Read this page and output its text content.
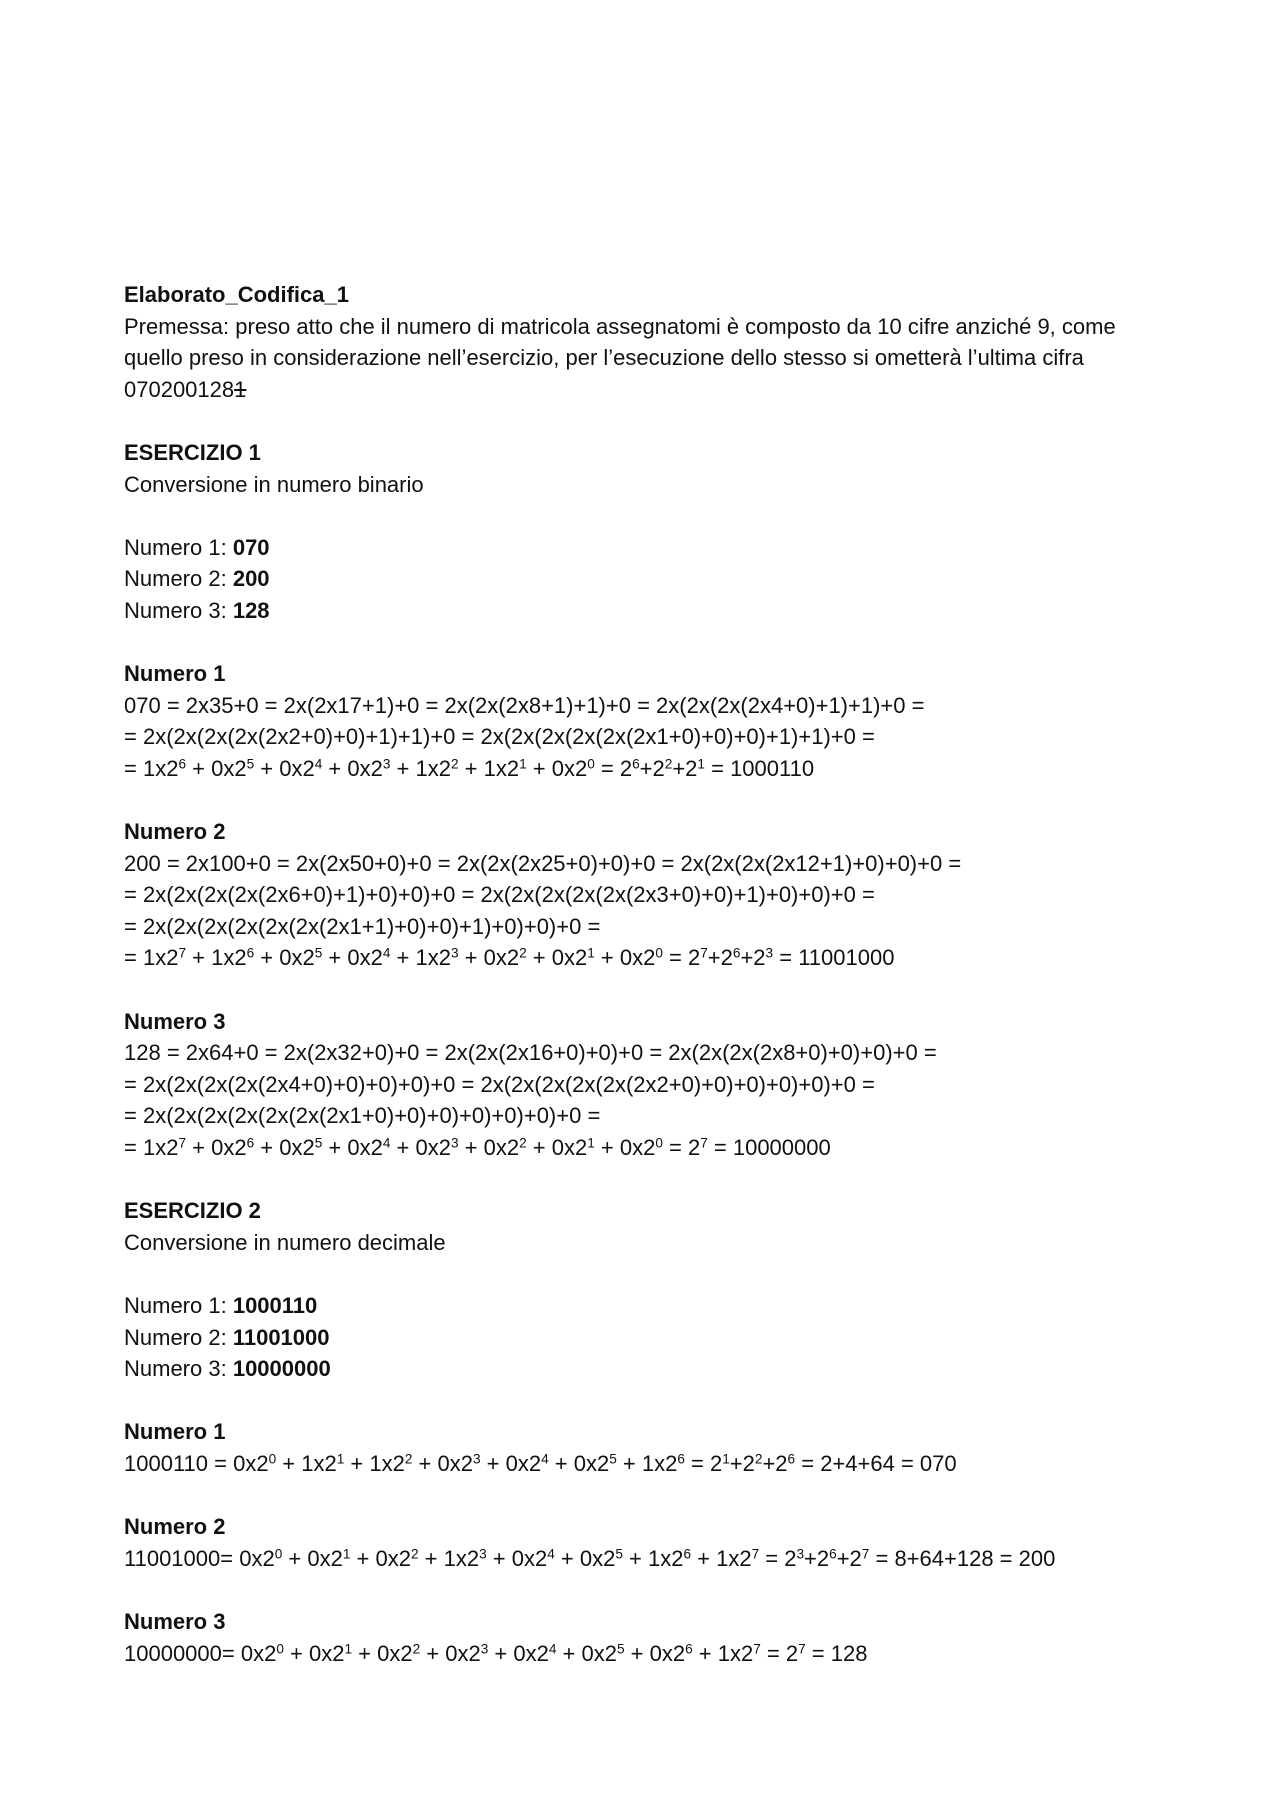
Elaborato_Codifica_1

Premessa: preso atto che il numero di matricola assegnatomi è composto da 10 cifre anziché 9, come quello preso in considerazione nell’esercizio, per l’esecuzione dello stesso si ometterà l’ultima cifra 0702001281

ESERCIZIO 1

Conversione in numero binario

Numero 1: 070

Numero 2: 200

Numero 3: 128

Numero 1

070 = 2x35+0 = 2x(2x17+1)+0 = 2x(2x(2x8+1)+1)+0 = 2x(2x(2x(2x4+0)+1)+1)+0 =

= 2x(2x(2x(2x(2x2+0)+0)+1)+1)+0 = 2x(2x(2x(2x(2x(2x1+0)+0)+0)+1)+1)+0 =

= $1x2^6 + 0x2^5 + 0x2^4 + 0x2^3 + 1x2^2 + 1x2^1 + 0x2^0 = 2^6+2^2+2^1 = 1000110$

Numero 2

200 = 2x100+0 = 2x(2x50+0)+0 = 2x(2x(2x25+0)+0)+0 = 2x(2x(2x(2x12+1)+0)+0)+0 =

= 2x(2x(2x(2x(2x6+0)+1)+0)+0)+0 = 2x(2x(2x(2x(2x(2x3+0)+0)+1)+0)+0)+0 =

= 2x(2x(2x(2x(2x(2x(2x1+1)+0)+0)+1)+0)+0)+0 =

= $1x2^7 + 1x2^6 + 0x2^5 + 0x2^4 + 1x2^3 + 0x2^2 + 0x2^1 + 0x2^0 = 2^7+2^6+2^3 = 11001000$

Numero 3

128 = 2x64+0 = 2x(2x32+0)+0 = 2x(2x(2x16+0)+0)+0 = 2x(2x(2x(2x8+0)+0)+0)+0 =

= 2x(2x(2x(2x(2x4+0)+0)+0)+0)+0 = 2x(2x(2x(2x(2x(2x2+0)+0)+0)+0)+0)+0 =

= 2x(2x(2x(2x(2x(2x(2x1+0)+0)+0)+0)+0)+0)+0 =

= $1x2^7 + 0x2^6 + 0x2^5 + 0x2^4 + 0x2^3 + 0x2^2 + 0x2^1 + 0x2^0 = 2^7 = 10000000$

ESERCIZIO 2

Conversione in numero decimale

Numero 1: 1000110

Numero 2: 11001000

Numero 3: 10000000

Numero 1

$1000110 = 0x2^0 + 1x2^1 + 1x2^2 + 0x2^3 + 0x2^4 + 0x2^5 + 1x2^6 = 2^1+2^2+2^6 = 2+4+64 = 070$

Numero 2

$11001000= 0x2^0 + 0x2^1 + 0x2^2 + 1x2^3 + 0x2^4 + 0x2^5 + 1x2^6 + 1x2^7 = 2^3+2^6+2^7 = 8+64+128 = 200$

Numero 3

$10000000= 0x2^0 + 0x2^1 + 0x2^2 + 0x2^3 + 0x2^4 + 0x2^5 + 0x2^6 + 1x2^7 = 2^7 = 128$
